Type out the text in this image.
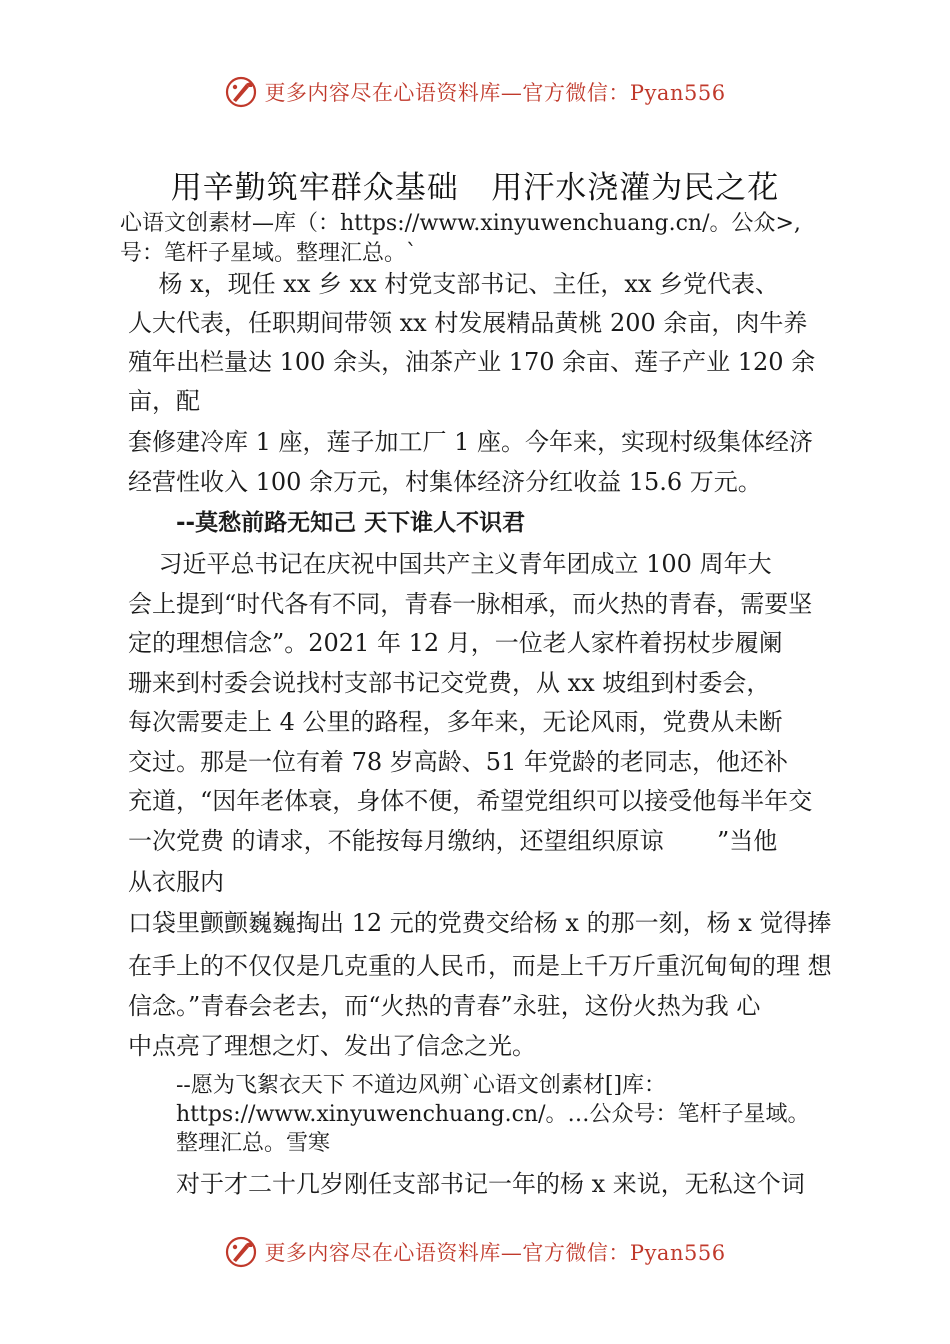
更多内容尽在心语资料库—官方微信：Pyan556
用辛勤筑牢群众基础   用汗水浇灌为民之花
心语文创素材—库（：https://www.xinyuwenchuang.cn/。公众>,
号：笔杆子星域。整理汇总。`
杨 x，现任 xx 乡 xx 村党支部书记、主任，xx 乡党代表、
人大代表，任职期间带领 xx 村发展精品黄桃 200 余亩，肉牛养
殖年出栏量达 100 余头，油茶产业 170 余亩、莲子产业 120 余
亩，配
套修建冷库 1 座，莲子加工厂 1 座。今年来，实现村级集体经济
经营性收入 100 余万元，村集体经济分红收益 15.6 万元。
--莫愁前路无知己 天下谁人不识君
习近平总书记在庆祝中国共产主义青年团成立 100 周年大
会上提到“时代各有不同，青春一脉相承，而火热的青春，需要坚
定的理想信念”。2021 年 12 月，一位老人家杵着拐杖步履阑
珊来到村委会说找村支部书记交党费，从 xx 坡组到村委会，
每次需要走上 4 公里的路程，多年来，无论风雨，党费从未断
交过。那是一位有着 78 岁高龄、51 年党龄的老同志，他还补
充道，“因年老体衰，身体不便，希望党组织可以接受他每半年交
一次党费 的请求，不能按每月缴纳，还望组织原谅       ”当他
从衣服内
口袋里颤颤巍巍掏出 12 元的党费交给杨 x 的那一刻，杨 x 觉得捧
在手上的不仅仅是几克重的人民币，而是上千万斤重沉甸甸的理 想
信念。”青春会老去，而“火热的青春”永驻，这份火热为我 心
中点亮了理想之灯、发出了信念之光。
--愿为飞絮衣天下 不道边风朔`心语文创素材[]库：
https://www.xinyuwenchuang.cn/。…公众号：笔杆子星域。
整理汇总。雪寒
对于才二十几岁刚任支部书记一年的杨 x 来说，无私这个词
更多内容尽在心语资料库—官方微信：Pyan556
